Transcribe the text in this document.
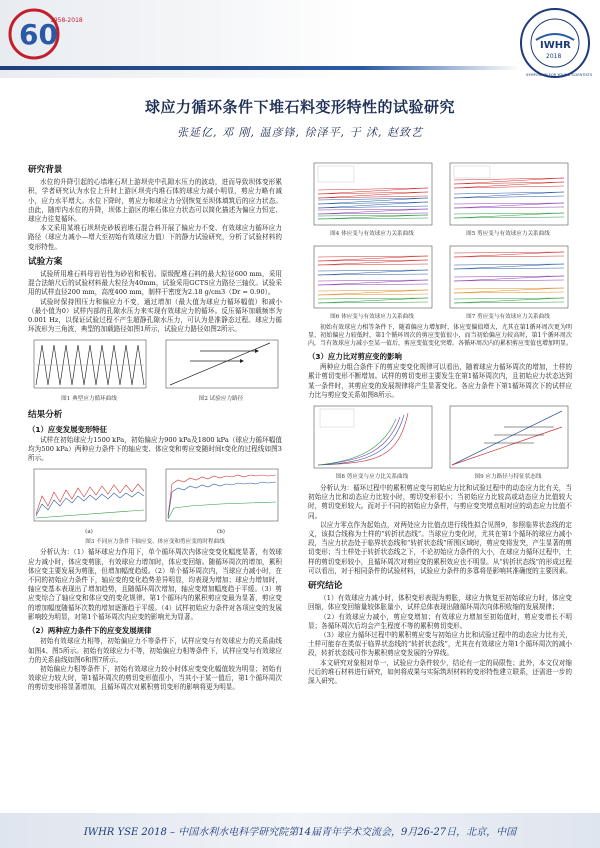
60
1958-2018
IWHR
2018
SYMPOSIUM FOR YOUNG SCIENTISTS
球应力循环条件下堆石料变形特性的试验研究
张延亿, 邓 刚, 温彦锋, 徐泽平, 于 沭, 赵致艺
研究背景

水位的升降引起的心墙堆石坝上游坝壳中孔隙水压力的波动，进而导致坝体变形累积，学者研究认为水位上升时上游区坝壳内堆石体的球应力减小明显，剪应力略有减小，应力水平增大。水位下降时，剪应力和球应力分别恢复至坝体填筑后的应力状态。由此，随库内水位的升降，坝体上游区的堆石体应力状态可以简化描述为偏应力恒定、球应力往复循环。

本文采用某堆石坝坝壳砂板岩堆石混合料开展了偏应力不变、有效球应力循环应力路径（球应力减小—增大至初始有效球应力值）下的静力试验研究，分析了试验材料的变形特性。

试验方案

试验所用堆石料母岩岩性为砂岩和板岩。原级配堆石料的最大粒径600 mm，采用混合法缩尺后的试验材料最大粒径为40mm，试验采用GCTS应力路径三轴仪。试验采用的试样直径200 mm，高度400 mm，制样干密度为2.18 g/cm3（Dr = 0.90）。

试验时保持围压力和偏应力不变，通过增加（最大值为球应力循环幅值）和减小（最小值为0）试样内部的孔隙水压力来实现有效球应力的循环。反压循环加载频率为0.001 Hz，以保证试验过程不产生超静孔隙水压力，可认为是准静态过程。球应力循环波形为三角波，典型的加载路径如图1所示，试验应力路径如图2所示。

图1 典型应力循环曲线	图2 试验应力路径
结果分析
（1）应变发展变形特征

试样在初始球应力1500 kPa，初始偏应力900 kPa及1800 kPa（球应力循环幅值均为500 kPa）两种应力条件下的轴应变、体应变和剪应变随时间t变化的过程线如图3所示。

(a)	(b)
图3 不同应力条件下轴应变、体应变和剪应变的时程曲线

分析认为：（1）循环球应力作用下，单个循环周次内体应变变化幅度显著，有效球应力减小时，体应变剪胀，有效球应力增加时，体应变回缩。随循环周次的增加，累积体应变主要发展为剪胀，但增加幅度趋缓。（2）单个循环周次内，当球应力减小时，在不同的初始应力条件下，轴应变的变化趋势差异明显，均表现为增加；球应力增加时，轴应变基本表现出了增加趋势，且随循环周次增加，轴应变增加幅度趋于平缓。（3）剪应变综合了轴应变和体应变的变化规律。第1个循环内的累积剪应变最为显著，剪应变的增加幅度随循环次数的增加逐渐趋于平缓。（4）试样初始应力条件对各项应变的发展影响较为明显，对第1个循环周次内应变的影响尤为显著。

（2）两种应力条件下的应变发展规律

初始有效球应力相等，初始偏应力不等条件下，试样应变与有效球应力的关系曲线如图4、图5所示。初始有效球应力不等，初始偏应力相等条件下，试样应变与有效球应力的关系曲线如图6和图7所示。

初始偏应力相等条件下，初始有效球应力较小时体应变变化幅值较为明显；初始有效球应力较大时，第1循环周次的剪切变形值很小，当其小于某一值后，第1个循环周次的剪切变形将显著增加，且循环周次对累积剪切变形的影响将更为明显。

图4 体应变与有效球应力关系曲线	图5 剪应变与有效球应力关系曲线
图6 体应变与有效球应力关系曲线	图7 剪应变与有效球应力关系曲线

初始有效球应力相等条件下，随着偏应力增加时，体应变偏值增大，尤其在第1循环周次更为明显，初始偏应力较低时，第1个循环周次的剪应变值很小，而当初始偏应力较高时，第1个循环周次内，当有效球应力减小至某一值后，剪应变值变化突增。各循环周次内的累积剪应变值也增加明显。

（3）应力比对剪应变的影响

两种应力组合条件下的剪应变变化规律可以看出，随着球应力循环周次的增加，土样的累计剪切变形不断增加。试样的剪切变形主要发生在第1循环周次内，且初始应力状态达到某一条件时，其剪应变的发展规律将产生显著变化。各应力条件下第1循环周次下的试样应力比与剪应变关系如图8所示。

图8 剪应变与应力比关系曲线	图9 应力路径与特征状态线

分析认为：循环过程中的累积剪应变与初始应力比和试验过程中的动态应力比有关，当初始应力比和动态应力比较小时，剪切变形很小；当初始应力比较高或动态应力比值较大时，剪切变形较大。而对于不同的初始应力条件，与剪应变突增点相对应的动态应力比值不同。

以应力零点作为起始点，对两处应力比值点进行线性拟合见图9，参照临界状态线的定义，该拟合线称为土样的“转折状态线”。当球应力变化时，尤其在第1个循环的球应力减小段，当应力状态处于临界状态线和“转折状态线”所围区域时，剪应变将发突，产生显著的剪切变形；当土样处于转折状态线之下，不论初始应力条件的大小，在球应力循环过程中，土样的剪切变形较小，且循环周次对剪应变的累积效应也不明显。从“转折状态线”的形成过程可以看出，对于相同条件的试验材料，试验应力条件的多寡将是影响其准确度的主要因素。

研究结论

（1）有效球应力减小时，体积变形表现为剪胀，球应力恢复至初始球应力时，体应变回缩，体应变回缩量较体胀量小，试样总体表现出随循环周次向体积收缩的发展规律；

（2）有效球应力减小，剪应变增加；有效球应力增加至初始值时，剪应变增长不明显；各循环周次后均会产生程度不等的累积剪切变形。

（3）球应力循环过程中的累积剪应变与初始应力比和试验过程中的动态应力比有关，土样可能存在类似于临界状态线的“转折状态线”，尤其在有效球应力第1个循环周次的减小段，转折状态线可作为累积剪应变发展的分界线。

本文研究对象相对单一，试验应力条件较少，结论有一定的局限性；此外，本文仅对缩尺后的堆石材料进行研究，如何将成果与实际筑坝材料的变形特性建立联系，还需进一步的深入研究。

IWHR YSE 2018 – 中国水利水电科学研究院第14届青年学术交流会，9月26-27日，北京，中国
